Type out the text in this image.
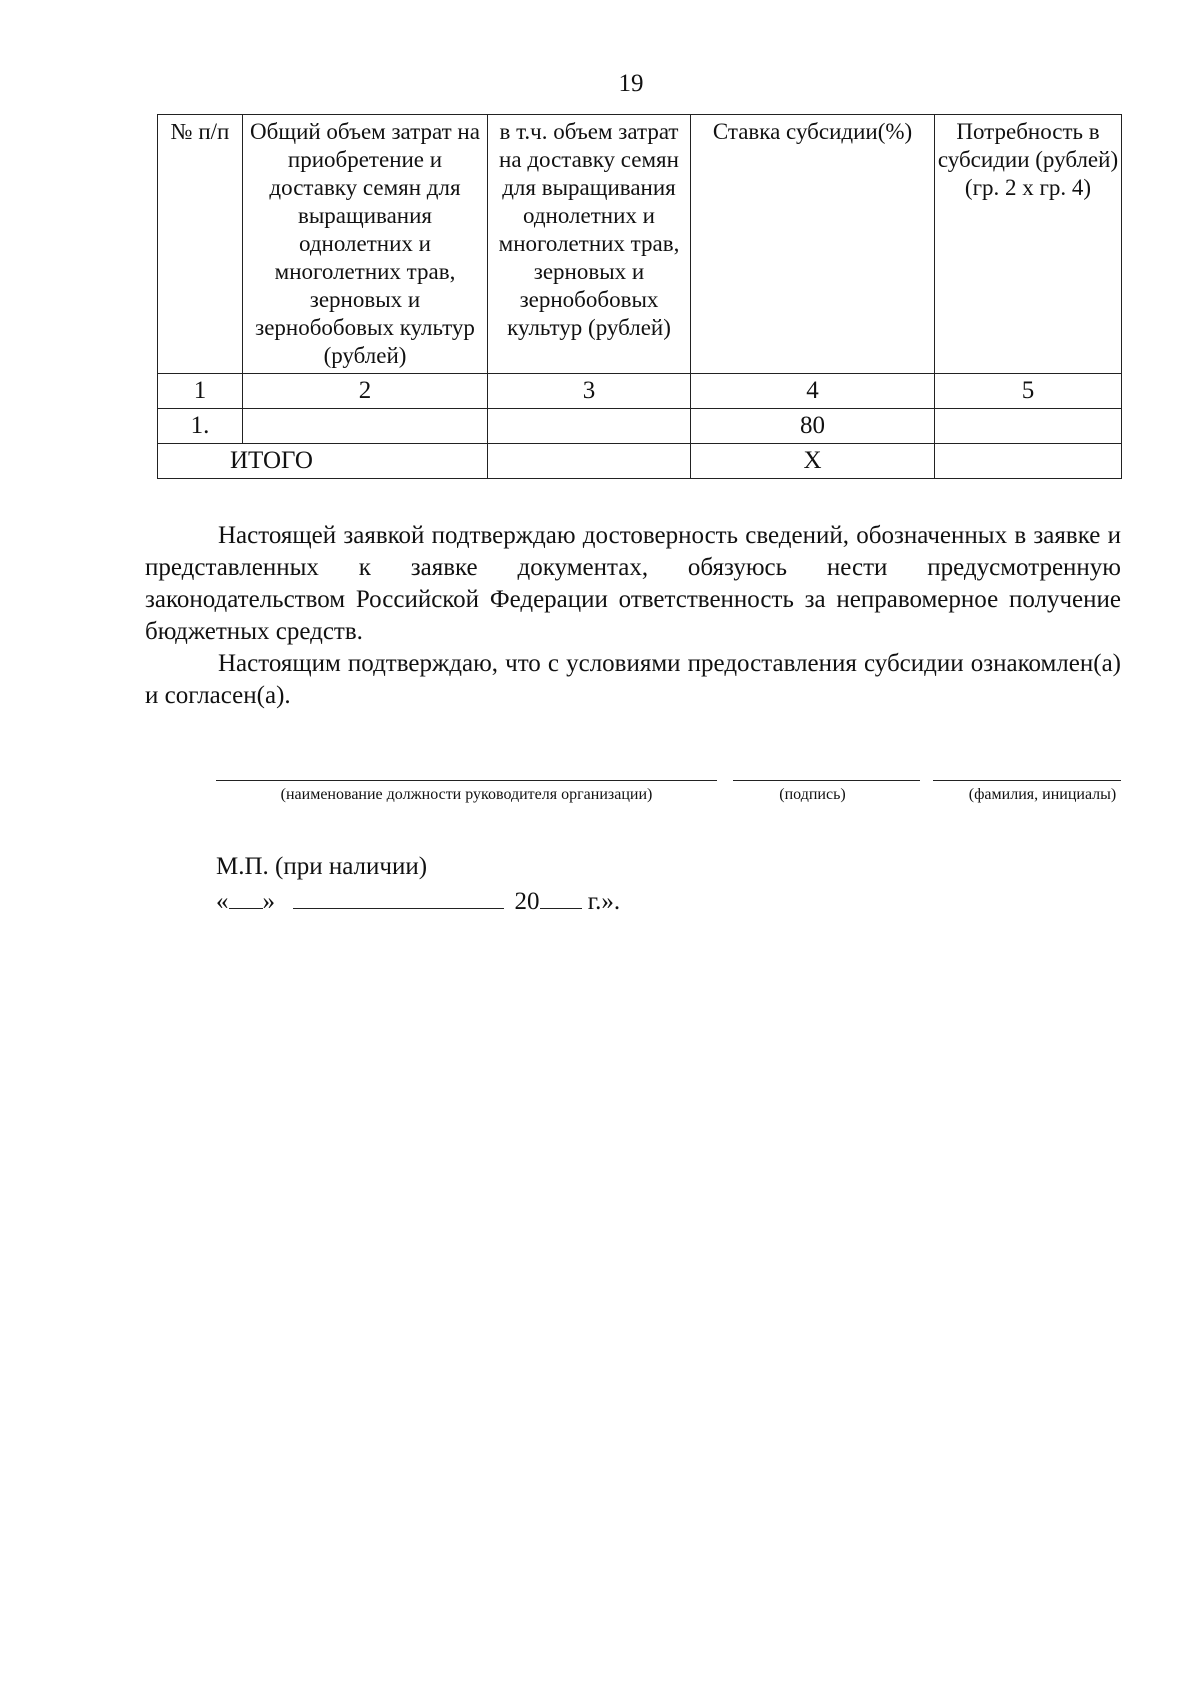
19
№ п/п	Общий объем затрат на приобретение и доставку семян для выращивания однолетних и многолетних трав, зерновых и зернобобовых культур (рублей)	в т.ч. объем затрат на доставку семян для выращивания однолетних и многолетних трав, зерновых и зернобобовых культур (рублей)	Ставка субсидии(%)	Потребность в субсидии (рублей) (гр. 2 х гр. 4)
1	2	3	4	5
1.			80	
ИТОГО			Х	

Настоящей заявкой подтверждаю достоверность сведений, обозначенных в заявке и представленных к заявке документах, обязуюсь нести предусмотренную законодательством Российской Федерации ответственность за неправомерное получение бюджетных средств.

Настоящим подтверждаю, что с условиями предоставления субсидии ознакомлен(а) и согласен(а).

(наименование должности руководителя организации)	(подпись)	(фамилия, инициалы)
М.П. (при наличии)
« »	20 г.».
